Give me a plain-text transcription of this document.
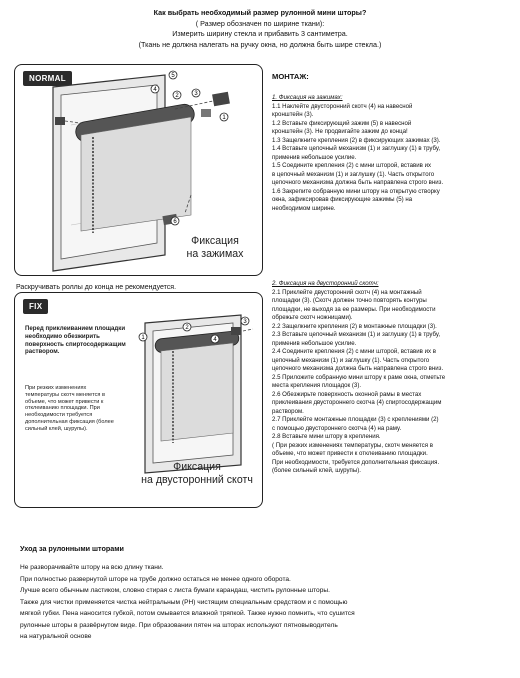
Как выбрать необходимый размер рулонной мини шторы?
( Размер обозначен по ширине ткани):
Измерить ширину стекла и прибавить 3 сантиметра.
(Ткань не должна налегать на ручку окна, но должна быть шире стекла.)
NORMAL
1
2	3
4
5
6
Фиксация
на зажимах
Раскручивать роллы до конца не рекомендуется.
FIX
Перед приклеиванием площадки необходимо обезжирить поверхность спиртосодержащим раствором.
При резких изменениях температуры скотч меняется в объеме, что может привести к отклеиванию площадки. При необходимости требуется дополнительная фиксация (более сильный клей, шурупы).
1
2
3
4
Фиксация
на двусторонний скотч
МОНТАЖ:

1. Фиксация на зажимах:

1.1 Наклейте двусторонний скотч (4) на навесной

кронштейн (3).

1.2 Вставьте фиксирующий зажим (5) в навесной

кронштейн (3). Не продвигайте зажим до конца!

1.3 Защелкните крепления (2) в фиксирующих зажимах (3).

1.4 Вставьте цепочный механизм (1) и заглушку (1) в трубу,

применив небольшое усилие.

1.5 Соедините крепления (2) с мини шторой, вставив их

в цепочный механизм (1) и заглушку (1). Часть открытого

цепочного механизма должна быть направлена строго вниз.

1.6 Закрепите собранную мини штору на открытую створку

окна, зафиксировав фиксирующие зажимы (5) на

необходимом ширине.

2. Фиксация на двусторонний скотч:

2.1 Приклейте двусторонний скотч (4) на монтажный

площадки (3). (Скотч должен точно повторять контуры

площадки, не выходя за ее размеры. При необходимости

обрежьте скотч ножницами).

2.2 Защелкните крепления (2) в монтажные площадки (3).

2.3 Вставьте цепочный механизм (1) и заглушку (1) в трубу,

применив небольшое усилие.

2.4 Соедините крепления (2) с мини шторой, вставив их в

цепочный механизм (1) и заглушку (1). Часть открытого

цепочного механизма должна быть направлена строго вниз.

2.5 Приложите собранную мини штору к раме окна, отметьте

места крепления площадок (3).

2.6 Обезжирьте поверхность оконной рамы в местах

приклеивания двустороннего скотча (4) спиртосодержащим

раствором.

2.7 Приклейте монтажные площадки (3) с креплениями (2)

с помощью двустороннего скотча (4) на раму.

2.8 Вставьте мини штору в крепления.

( При резких изменениях температуры, скотч меняется в

объеме, что может привести к отклеиванию площадки.

При необходимости, требуется дополнительная фиксация.

(более сильный клей, шурупы).

Уход за рулонными шторами

Не разворачивайте штору на всю длину ткани.

При полностью развернутой шторе на трубе должно остаться не менее одного оборота.

Лучше всего обычным ластиком, словно стирая с листа бумаги карандаш, чистить рулонные шторы.

Также для чистки применяется чистка нейтральным (PH) чистящим специальным средством и с помощью

мягкой губки. Пена наносится губкой, потом смывается влажной тряпкой. Также нужно помнить, что сушится

рулонные шторы в развёрнутом виде. При образовании пятен на шторах используют пятновыводитель

на натуральной основе
